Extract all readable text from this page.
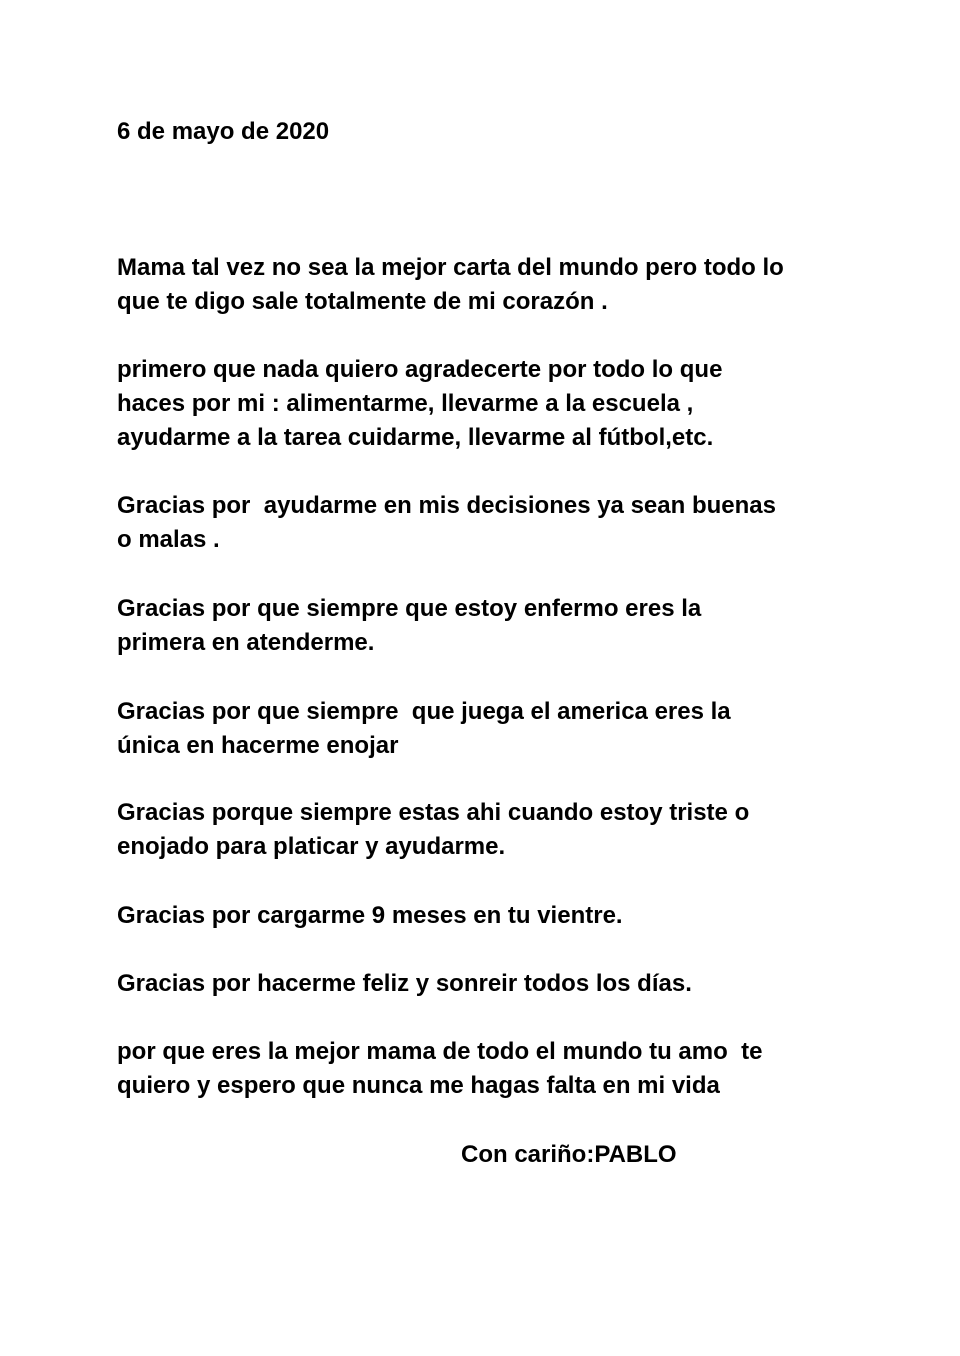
6 de mayo de 2020

Mama tal vez no sea la mejor carta del mundo pero todo lo
que te digo sale totalmente de mi corazón .

primero que nada quiero agradecerte por todo lo que
haces por mi : alimentarme, llevarme a la escuela ,
ayudarme a la tarea cuidarme, llevarme al fútbol,etc.

Gracias por  ayudarme en mis decisiones ya sean buenas
o malas .

Gracias por que siempre que estoy enfermo eres la
primera en atenderme.

Gracias por que siempre  que juega el america eres la
única en hacerme enojar

Gracias porque siempre estas ahi cuando estoy triste o
enojado para platicar y ayudarme.

Gracias por cargarme 9 meses en tu vientre.

Gracias por hacerme feliz y sonreir todos los días.

por que eres la mejor mama de todo el mundo tu amo  te
quiero y espero que nunca me hagas falta en mi vida

Con cariño:PABLO
